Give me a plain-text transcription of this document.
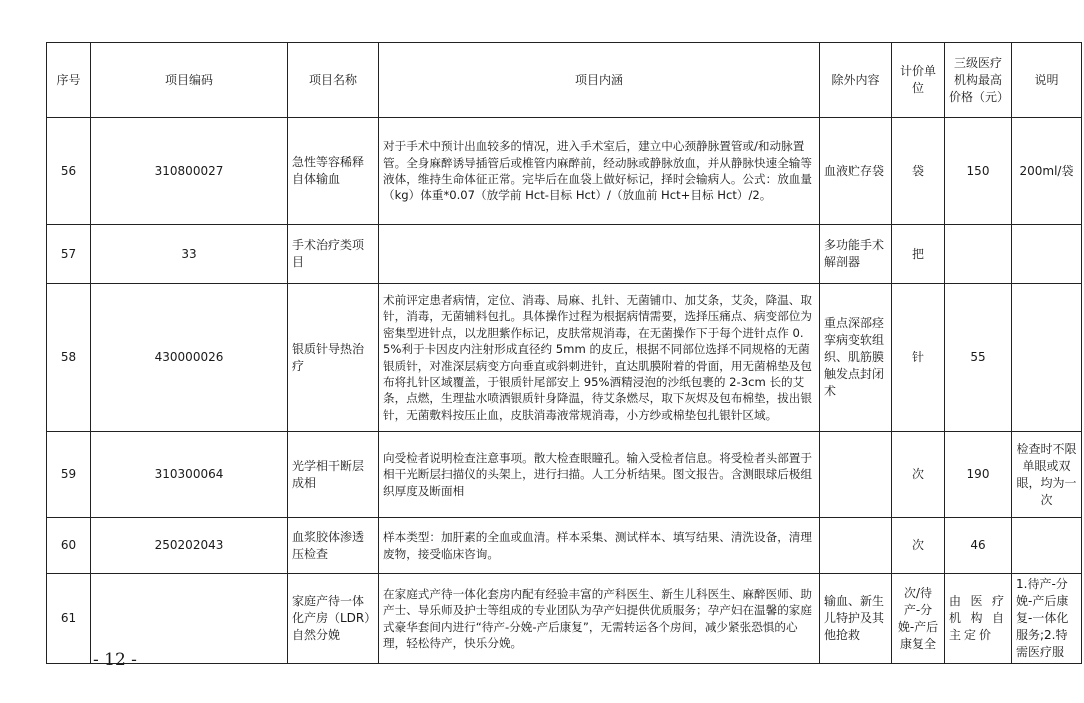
序号	项目编码	项目名称	项目内涵	除外内容	计价单位	三级医疗机构最高价格（元）	说明
56	310800027	急性等容稀释自体输血	对于手术中预计出血较多的情况，进入手术室后，建立中心颈静脉置管或/和动脉置管。全身麻醉诱导插管后或椎管内麻醉前，经动脉或静脉放血，并从静脉快速全输等液体，维持生命体征正常。完毕后在血袋上做好标记，择时会输病人。公式：放血量（kg）体重*0.07（放学前 Hct-目标 Hct）/（放血前 Hct+目标 Hct）/2。	血液贮存袋	袋	150	200ml/袋
57	33	手术治疗类项目		多功能手术解剖器	把		
58	430000026	银质针导热治疗	术前评定患者病情，定位、消毒、局麻、扎针、无菌铺巾、加艾条，艾灸，降温、取针，消毒，无菌辅料包扎。具体操作过程为根据病情需要，选择压痛点、病变部位为密集型进针点，以龙胆紫作标记，皮肤常规消毒，在无菌操作下于每个进针点作 0.5%利于卡因皮内注射形成直径约 5mm 的皮丘，根据不同部位选择不同规格的无菌银质针，对准深层病变方向垂直或斜刺进针，直达肌膜附着的骨面，用无菌棉垫及包布将扎针区域覆盖，于银质针尾部安上 95%酒精浸泡的沙纸包裹的 2-3cm 长的艾条，点燃，生理盐水喷洒银质针身降温，待艾条燃尽，取下灰烬及包布棉垫，拔出银针，无菌敷料按压止血，皮肤消毒液常规消毒，小方纱或棉垫包扎银针区域。	重点深部痉挛病变软组织、肌筋膜触发点封闭术	针	55	
59	310300064	光学相干断层成相	向受检者说明检查注意事项。散大检查眼瞳孔。输入受检者信息。将受检者头部置于相干光断层扫描仪的头架上，进行扫描。人工分析结果。图文报告。含测眼球后极组织厚度及断面相		次	190	检查时不限单眼或双眼，均为一次
60	250202043	血浆胶体渗透压检查	样本类型：加肝素的全血或血清。样本采集、测试样本、填写结果、清洗设备，清理废物，接受临床咨询。		次	46	
61		家庭产待一体化产房（LDR）自然分娩	在家庭式产待一体化套房内配有经验丰富的产科医生、新生儿科医生、麻醉医师、助产士、导乐师及护士等组成的专业团队为孕产妇提供优质服务；孕产妇在温馨的家庭式豪华套间内进行“待产-分娩-产后康复”，无需转运各个房间，减少紧张恐惧的心理，轻松待产，快乐分娩。	输血、新生儿特护及其他抢救	次/待产-分娩-产后康复全	由医疗机构自主定价	1.待产-分娩-产后康复-一体化服务;2.特需医疗服
- 12 -
